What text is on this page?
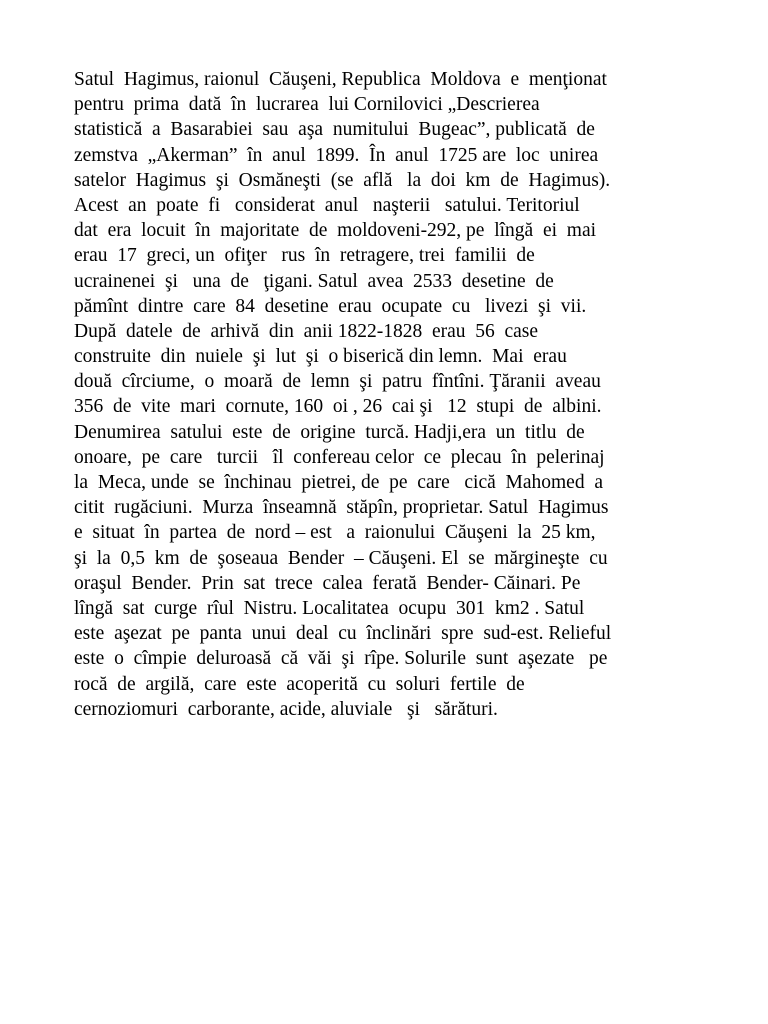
Satul  Hagimus, raionul  Căuşeni, Republica  Moldova  e  menţionat
pentru  prima  dată  în  lucrarea  lui Cornilovici „Descrierea
statistică  a  Basarabiei  sau  aşa  numitului  Bugeac”, publicată  de
zemstva  „Akerman”  în  anul  1899.  În  anul  1725 are  loc  unirea
satelor  Hagimus  şi  Osmăneşti  (se  află   la  doi  km  de  Hagimus).
Acest  an  poate  fi   considerat  anul   naşterii   satului. Teritoriul
dat  era  locuit  în  majoritate  de  moldoveni-292, pe  lîngă  ei  mai
erau  17  greci, un  ofiţer   rus  în  retragere, trei  familii  de
ucrainenei  şi   una  de   ţigani. Satul  avea  2533  desetine  de
pămînt  dintre  care  84  desetine  erau  ocupate  cu   livezi  şi  vii.
După  datele  de  arhivă  din  anii 1822-1828  erau  56  case
construite  din  nuiele  şi  lut  şi  o biserică din lemn.  Mai  erau
două  cîrciume,  o  moară  de  lemn  şi  patru  fîntîni. Ţăranii  aveau
356  de  vite  mari  cornute, 160  oi , 26  cai şi   12  stupi  de  albini.
Denumirea  satului  este  de  origine  turcă. Hadji,era  un  titlu  de
onoare,  pe  care   turcii   îl  confereau celor  ce  plecau  în  pelerinaj
la  Meca, unde  se  închinau  pietrei, de  pe  care   cică  Mahomed  a
citit  rugăciuni.  Murza  înseamnă  stăpîn, proprietar. Satul  Hagimus
e  situat  în  partea  de  nord – est   a  raionului  Căuşeni  la  25 km,
şi  la  0,5  km  de  şoseaua  Bender  – Căuşeni. El  se  mărgineşte  cu
oraşul  Bender.  Prin  sat  trece  calea  ferată  Bender- Căinari. Pe
lîngă  sat  curge  rîul  Nistru. Localitatea  ocupu  301  km2 . Satul
este  aşezat  pe  panta  unui  deal  cu  înclinări  spre  sud-est. Relieful
este  o  cîmpie  deluroasă  că  văi  şi  rîpe. Solurile  sunt  aşezate   pe
rocă  de  argilă,  care  este  acoperită  cu  soluri  fertile  de
cernoziomuri  carborante, acide, aluviale   şi   sărături.
